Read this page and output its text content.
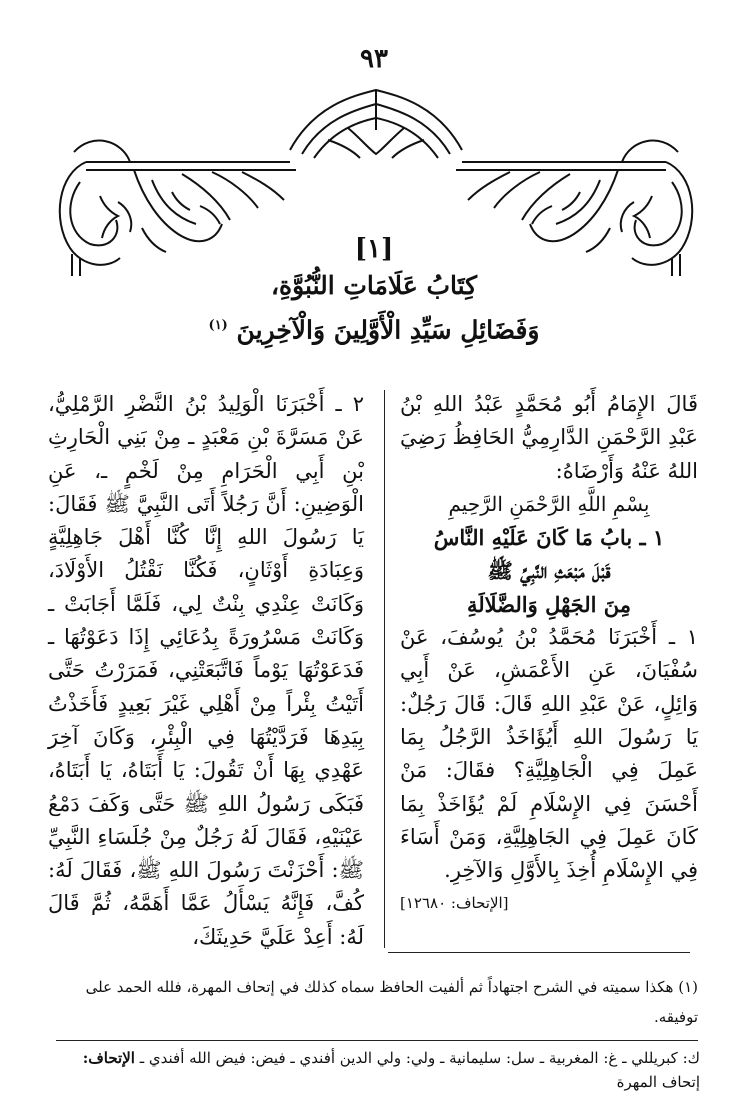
٩٣
[١]
كِتَابُ عَلَامَاتِ النُّبُوَّةِ،
وَفَضَائِلِ سَيِّدِ الْأَوَّلِينَ وَالْآخِرِينَ $^{(١)}$

قَالَ الإِمَامُ أَبُو مُحَمَّدٍ عَبْدُ اللهِ بْنُ عَبْدِ الرَّحْمَنِ الدَّارِمِيُّ الحَافِظُ رَضِيَ اللهُ عَنْهُ وَأَرْضَاهُ:

بِسْمِ اللَّهِ الرَّحْمَنِ الرَّحِيمِ

١ ـ بابُ مَا كَانَ عَلَيْهِ النَّاسُ

قَبْلَ مَبْعَثِ النَّبِيِّ ﷺ

مِنَ الجَهْلِ وَالضَّلَالَةِ

١ ـ أَخْبَرَنَا مُحَمَّدُ بْنُ يُوسُفَ، عَنْ سُفْيَانَ، عَنِ الأَعْمَشِ، عَنْ أَبِي وَائِلٍ، عَنْ عَبْدِ اللهِ قَالَ: قَالَ رَجُلٌ: يَا رَسُولَ اللهِ أَيُؤَاخَذُ الرَّجُلُ بِمَا عَمِلَ فِي الْجَاهِلِيَّةِ؟ فقَالَ: مَنْ أَحْسَنَ فِي الإِسْلَامِ لَمْ يُؤَاخَذْ بِمَا كَانَ عَمِلَ فِي الجَاهِلِيَّةِ، وَمَنْ أَسَاءَ فِي الإِسْلَامِ أُخِذَ بِالأَوَّلِ وَالآخِرِ.

[الإتحاف: ١٢٦٨٠]

٢ ـ أَخْبَرَنَا الْوَلِيدُ بْنُ النَّضْرِ الرَّمْلِيُّ، عَنْ مَسَرَّةَ بْنِ مَعْبَدٍ ـ مِنْ بَنِي الْحَارِثِ بْنِ أَبِي الْحَرَامِ مِنْ لَخْمٍ ـ، عَنِ الْوَضِينِ: أَنَّ رَجُلاً أَتَى النَّبِيَّ ﷺ فَقَالَ: يَا رَسُولَ اللهِ إِنَّا كُنَّا أَهْلَ جَاهِلِيَّةٍ وَعِبَادَةِ أَوْثَانٍ، فَكُنَّا نَقْتُلُ الأَوْلَادَ، وَكَانَتْ عِنْدِي بِنْتٌ لِي، فَلَمَّا أَجَابَتْ ـ وَكَانَتْ مَسْرُورَةً بِدُعَائِي إِذَا دَعَوْتُهَا ـ فَدَعَوْتُهَا يَوْماً فَاتَّبَعَتْنِي، فَمَرَرْتُ حَتَّى أَتَيْتُ بِئْراً مِنْ أَهْلِي غَيْرَ بَعِيدٍ فَأَخَذْتُ بِيَدِهَا فَرَدَّيْتُهَا فِي الْبِئْرِ، وَكَانَ آخِرَ عَهْدِي بِهَا أَنْ تَقُولَ: يَا أَبَتَاهُ، يَا أَبَتَاهُ، فَبَكَى رَسُولُ اللهِ ﷺ حَتَّى وَكَفَ دَمْعُ عَيْنَيْهِ، فَقَالَ لَهُ رَجُلٌ مِنْ جُلَسَاءِ النَّبِيِّ ﷺ: أَحْزَنْتَ رَسُولَ اللهِ ﷺ، فَقَالَ لَهُ: كُفَّ، فَإِنَّهُ يَسْأَلُ عَمَّا أَهَمَّهُ، ثُمَّ قَالَ لَهُ: أَعِدْ عَلَيَّ حَدِيثَكَ،

(١) هكذا سميته في الشرح اجتهاداً ثم ألفيت الحافظ سماه كذلك في إتحاف المهرة، فلله الحمد على توفيقه.
ك: كبريللي ـ غ: المغربية ـ سل: سليمانية ـ ولي: ولي الدين أفندي ـ فيض: فيض الله أفندي ـ الإتحاف: إتحاف المهرة
